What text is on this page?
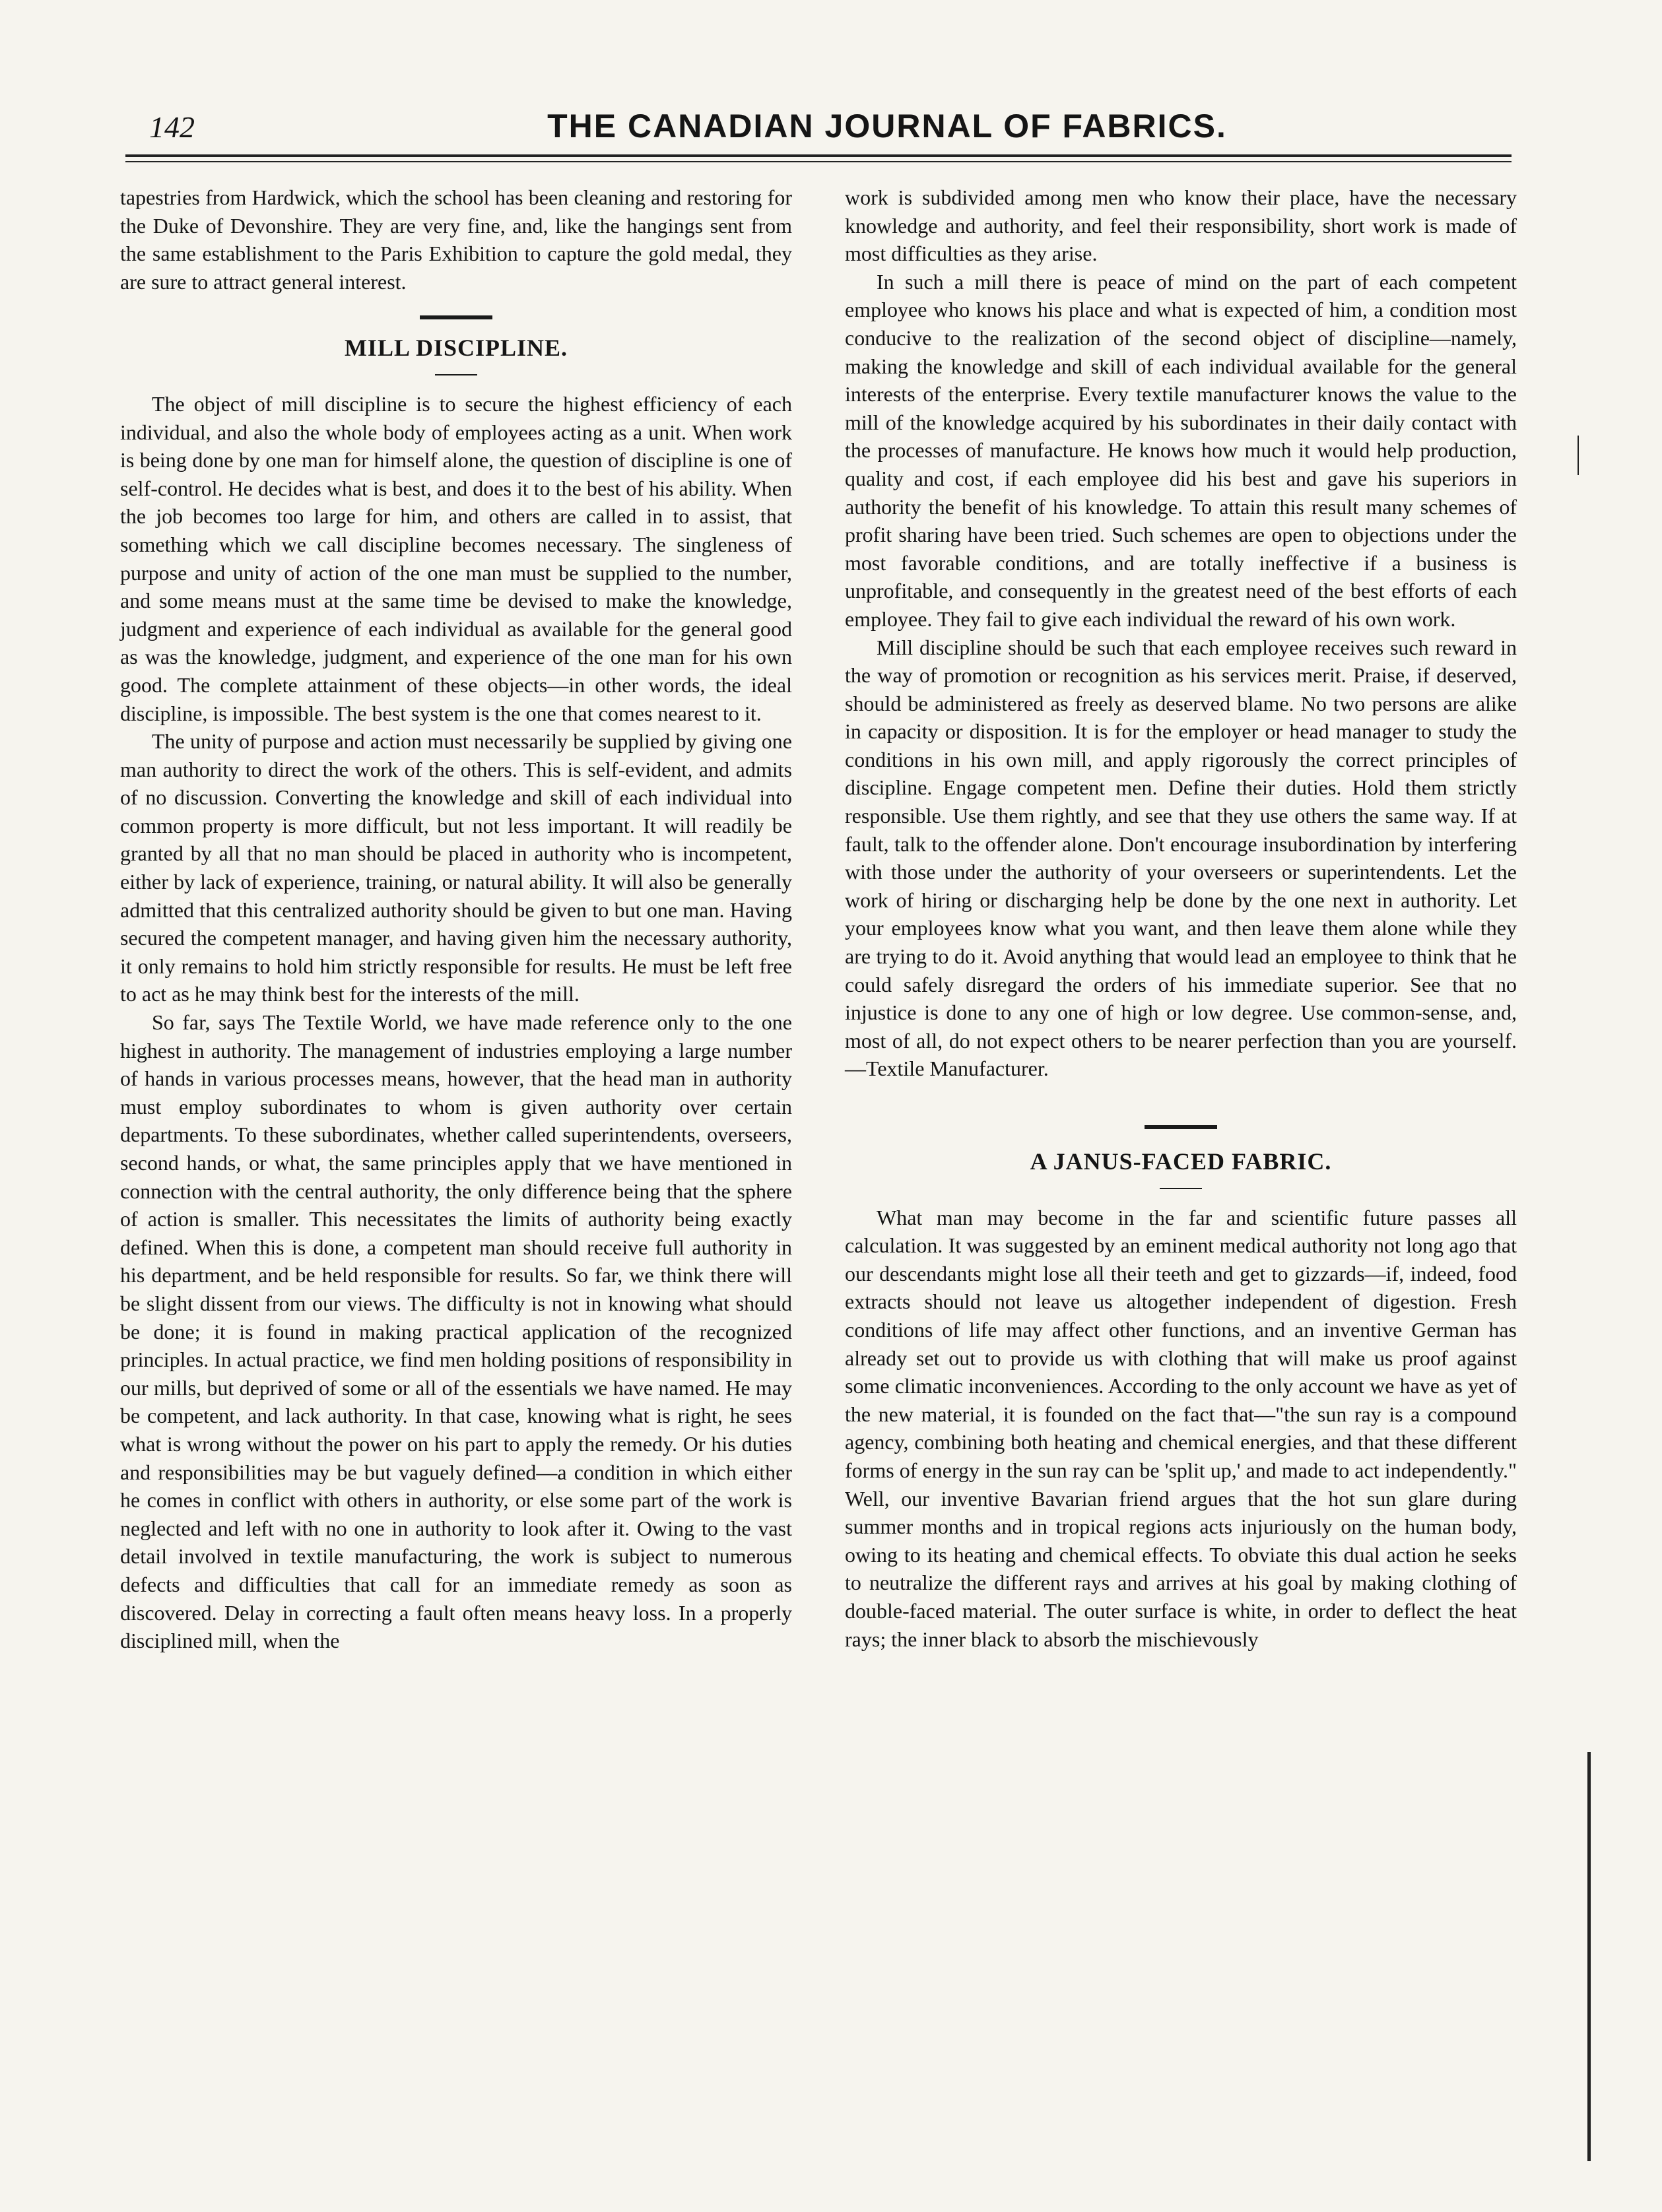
142	THE CANADIAN JOURNAL OF FABRICS.

tapestries from Hardwick, which the school has been cleaning and restoring for the Duke of Devonshire. They are very fine, and, like the hangings sent from the same establishment to the Paris Exhibition to capture the gold medal, they are sure to attract general interest.

MILL DISCIPLINE.

The object of mill discipline is to secure the highest efficiency of each individual, and also the whole body of employees acting as a unit. When work is being done by one man for himself alone, the question of discipline is one of self-control. He decides what is best, and does it to the best of his ability. When the job becomes too large for him, and others are called in to assist, that something which we call discipline becomes necessary. The singleness of purpose and unity of action of the one man must be supplied to the number, and some means must at the same time be devised to make the knowledge, judgment and experience of each individual as available for the general good as was the knowledge, judgment, and experience of the one man for his own good. The complete attainment of these objects—in other words, the ideal discipline, is impossible. The best system is the one that comes nearest to it.

The unity of purpose and action must necessarily be supplied by giving one man authority to direct the work of the others. This is self-evident, and admits of no discussion. Converting the knowledge and skill of each individual into common property is more difficult, but not less important. It will readily be granted by all that no man should be placed in authority who is incompetent, either by lack of experience, training, or natural ability. It will also be generally admitted that this centralized authority should be given to but one man. Having secured the competent manager, and having given him the necessary authority, it only remains to hold him strictly responsible for results. He must be left free to act as he may think best for the interests of the mill.

So far, says The Textile World, we have made reference only to the one highest in authority. The management of industries employing a large number of hands in various processes means, however, that the head man in authority must employ subordinates to whom is given authority over certain departments. To these subordinates, whether called superintendents, overseers, second hands, or what, the same principles apply that we have mentioned in connection with the central authority, the only difference being that the sphere of action is smaller. This necessitates the limits of authority being exactly defined. When this is done, a competent man should receive full authority in his department, and be held responsible for results. So far, we think there will be slight dissent from our views. The difficulty is not in knowing what should be done; it is found in making practical application of the recognized principles. In actual practice, we find men holding positions of responsibility in our mills, but deprived of some or all of the essentials we have named. He may be competent, and lack authority. In that case, knowing what is right, he sees what is wrong without the power on his part to apply the remedy. Or his duties and responsibilities may be but vaguely defined—a condition in which either he comes in conflict with others in authority, or else some part of the work is neglected and left with no one in authority to look after it. Owing to the vast detail involved in textile manufacturing, the work is subject to numerous defects and difficulties that call for an immediate remedy as soon as discovered. Delay in correcting a fault often means heavy loss. In a properly disciplined mill, when the

work is subdivided among men who know their place, have the necessary knowledge and authority, and feel their responsibility, short work is made of most difficulties as they arise.

In such a mill there is peace of mind on the part of each competent employee who knows his place and what is expected of him, a condition most conducive to the realization of the second object of discipline—namely, making the knowledge and skill of each individual available for the general interests of the enterprise. Every textile manufacturer knows the value to the mill of the knowledge acquired by his subordinates in their daily contact with the processes of manufacture. He knows how much it would help production, quality and cost, if each employee did his best and gave his superiors in authority the benefit of his knowledge. To attain this result many schemes of profit sharing have been tried. Such schemes are open to objections under the most favorable conditions, and are totally ineffective if a business is unprofitable, and consequently in the greatest need of the best efforts of each employee. They fail to give each individual the reward of his own work.

Mill discipline should be such that each employee receives such reward in the way of promotion or recognition as his services merit. Praise, if deserved, should be administered as freely as deserved blame. No two persons are alike in capacity or disposition. It is for the employer or head manager to study the conditions in his own mill, and apply rigorously the correct principles of discipline. Engage competent men. Define their duties. Hold them strictly responsible. Use them rightly, and see that they use others the same way. If at fault, talk to the offender alone. Don't encourage insubordination by interfering with those under the authority of your overseers or superintendents. Let the work of hiring or discharging help be done by the one next in authority. Let your employees know what you want, and then leave them alone while they are trying to do it. Avoid anything that would lead an employee to think that he could safely disregard the orders of his immediate superior. See that no injustice is done to any one of high or low degree. Use common-sense, and, most of all, do not expect others to be nearer perfection than you are yourself.—Textile Manufacturer.

A JANUS-FACED FABRIC.

What man may become in the far and scientific future passes all calculation. It was suggested by an eminent medical authority not long ago that our descendants might lose all their teeth and get to gizzards—if, indeed, food extracts should not leave us altogether independent of digestion. Fresh conditions of life may affect other functions, and an inventive German has already set out to provide us with clothing that will make us proof against some climatic inconveniences. According to the only account we have as yet of the new material, it is founded on the fact that—"the sun ray is a compound agency, combining both heating and chemical energies, and that these different forms of energy in the sun ray can be 'split up,' and made to act independently." Well, our inventive Bavarian friend argues that the hot sun glare during summer months and in tropical regions acts injuriously on the human body, owing to its heating and chemical effects. To obviate this dual action he seeks to neutralize the different rays and arrives at his goal by making clothing of double-faced material. The outer surface is white, in order to deflect the heat rays; the inner black to absorb the mischievously
